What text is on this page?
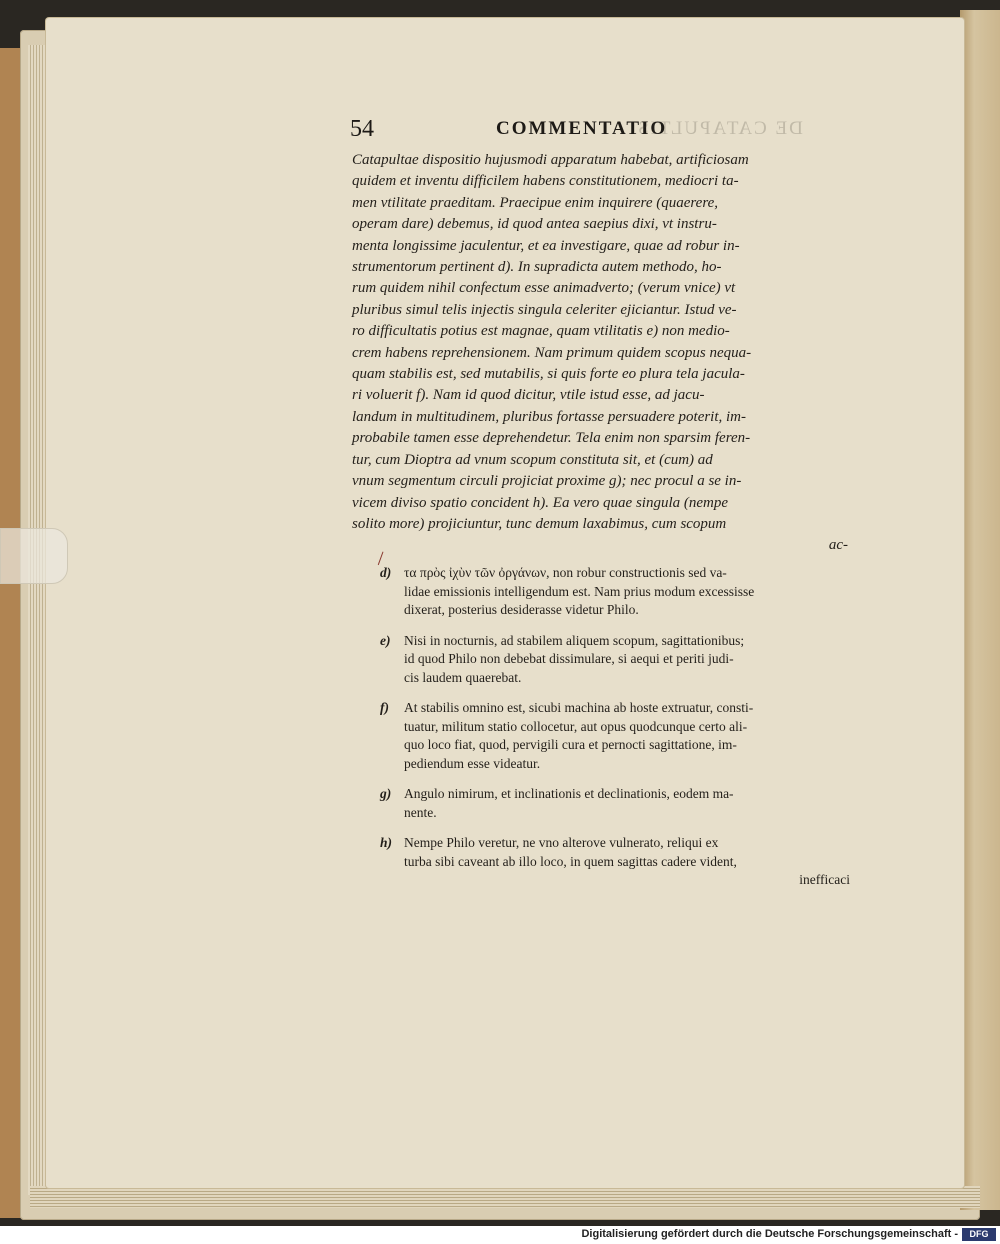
54	COMMENTATIO
DE CATAPULTIS
Catapultae dispositio hujusmodi apparatum habebat, artificiosam
quidem et inventu difficilem habens constitutionem, mediocri ta-
men vtilitate praeditam. Praecipue enim inquirere (quaerere,
operam dare) debemus, id quod antea saepius dixi, vt instru-
menta longissime jaculentur, et ea investigare, quae ad robur in-
strumentorum pertinent d). In supradicta autem methodo, ho-
rum quidem nihil confectum esse animadverto; (verum vnice) vt
pluribus simul telis injectis singula celeriter ejiciantur. Istud ve-
ro difficultatis potius est magnae, quam vtilitatis e) non medio-
crem habens reprehensionem. Nam primum quidem scopus nequa-
quam stabilis est, sed mutabilis, si quis forte eo plura tela jacula-
ri voluerit f). Nam id quod dicitur, vtile istud esse, ad jacu-
landum in multitudinem, pluribus fortasse persuadere poterit, im-
probabile tamen esse deprehendetur. Tela enim non sparsim feren-
tur, cum Dioptra ad vnum scopum constituta sit, et (cum) ad
vnum segmentum circuli projiciat proxime g); nec procul a se in-
vicem diviso spatio concident h). Ea vero quae singula (nempe
solito more) projiciuntur, tunc demum laxabimus, cum scopum
ac-
d) τα πρὸς ἰχὺν τῶν ὀργάνων, non robur constructionis sed va-
lidae emissionis intelligendum est. Nam prius modum excessisse
dixerat, posterius desiderasse videtur Philo.
e)	Nisi in nocturnis, ad stabilem aliquem scopum, sagittationibus;
id quod Philo non debebat dissimulare, si aequi et periti judi-
cis laudem quaerebat.
f)	At stabilis omnino est, sicubi machina ab hoste extruatur, consti-
tuatur, militum statio collocetur, aut opus quodcunque certo ali-
quo loco fiat, quod, pervigili cura et pernocti sagittatione, im-
pediendum esse videatur.
g) Angulo nimirum, et inclinationis et declinationis, eodem ma-
nente.
h) Nempe Philo veretur, ne vno alterove vulnerato, reliqui ex
turba sibi caveant ab illo loco, in quem sagittas cadere vident,
inefficaci
Digitalisierung gefördert durch die Deutsche Forschungsgemeinschaft -	DFG
